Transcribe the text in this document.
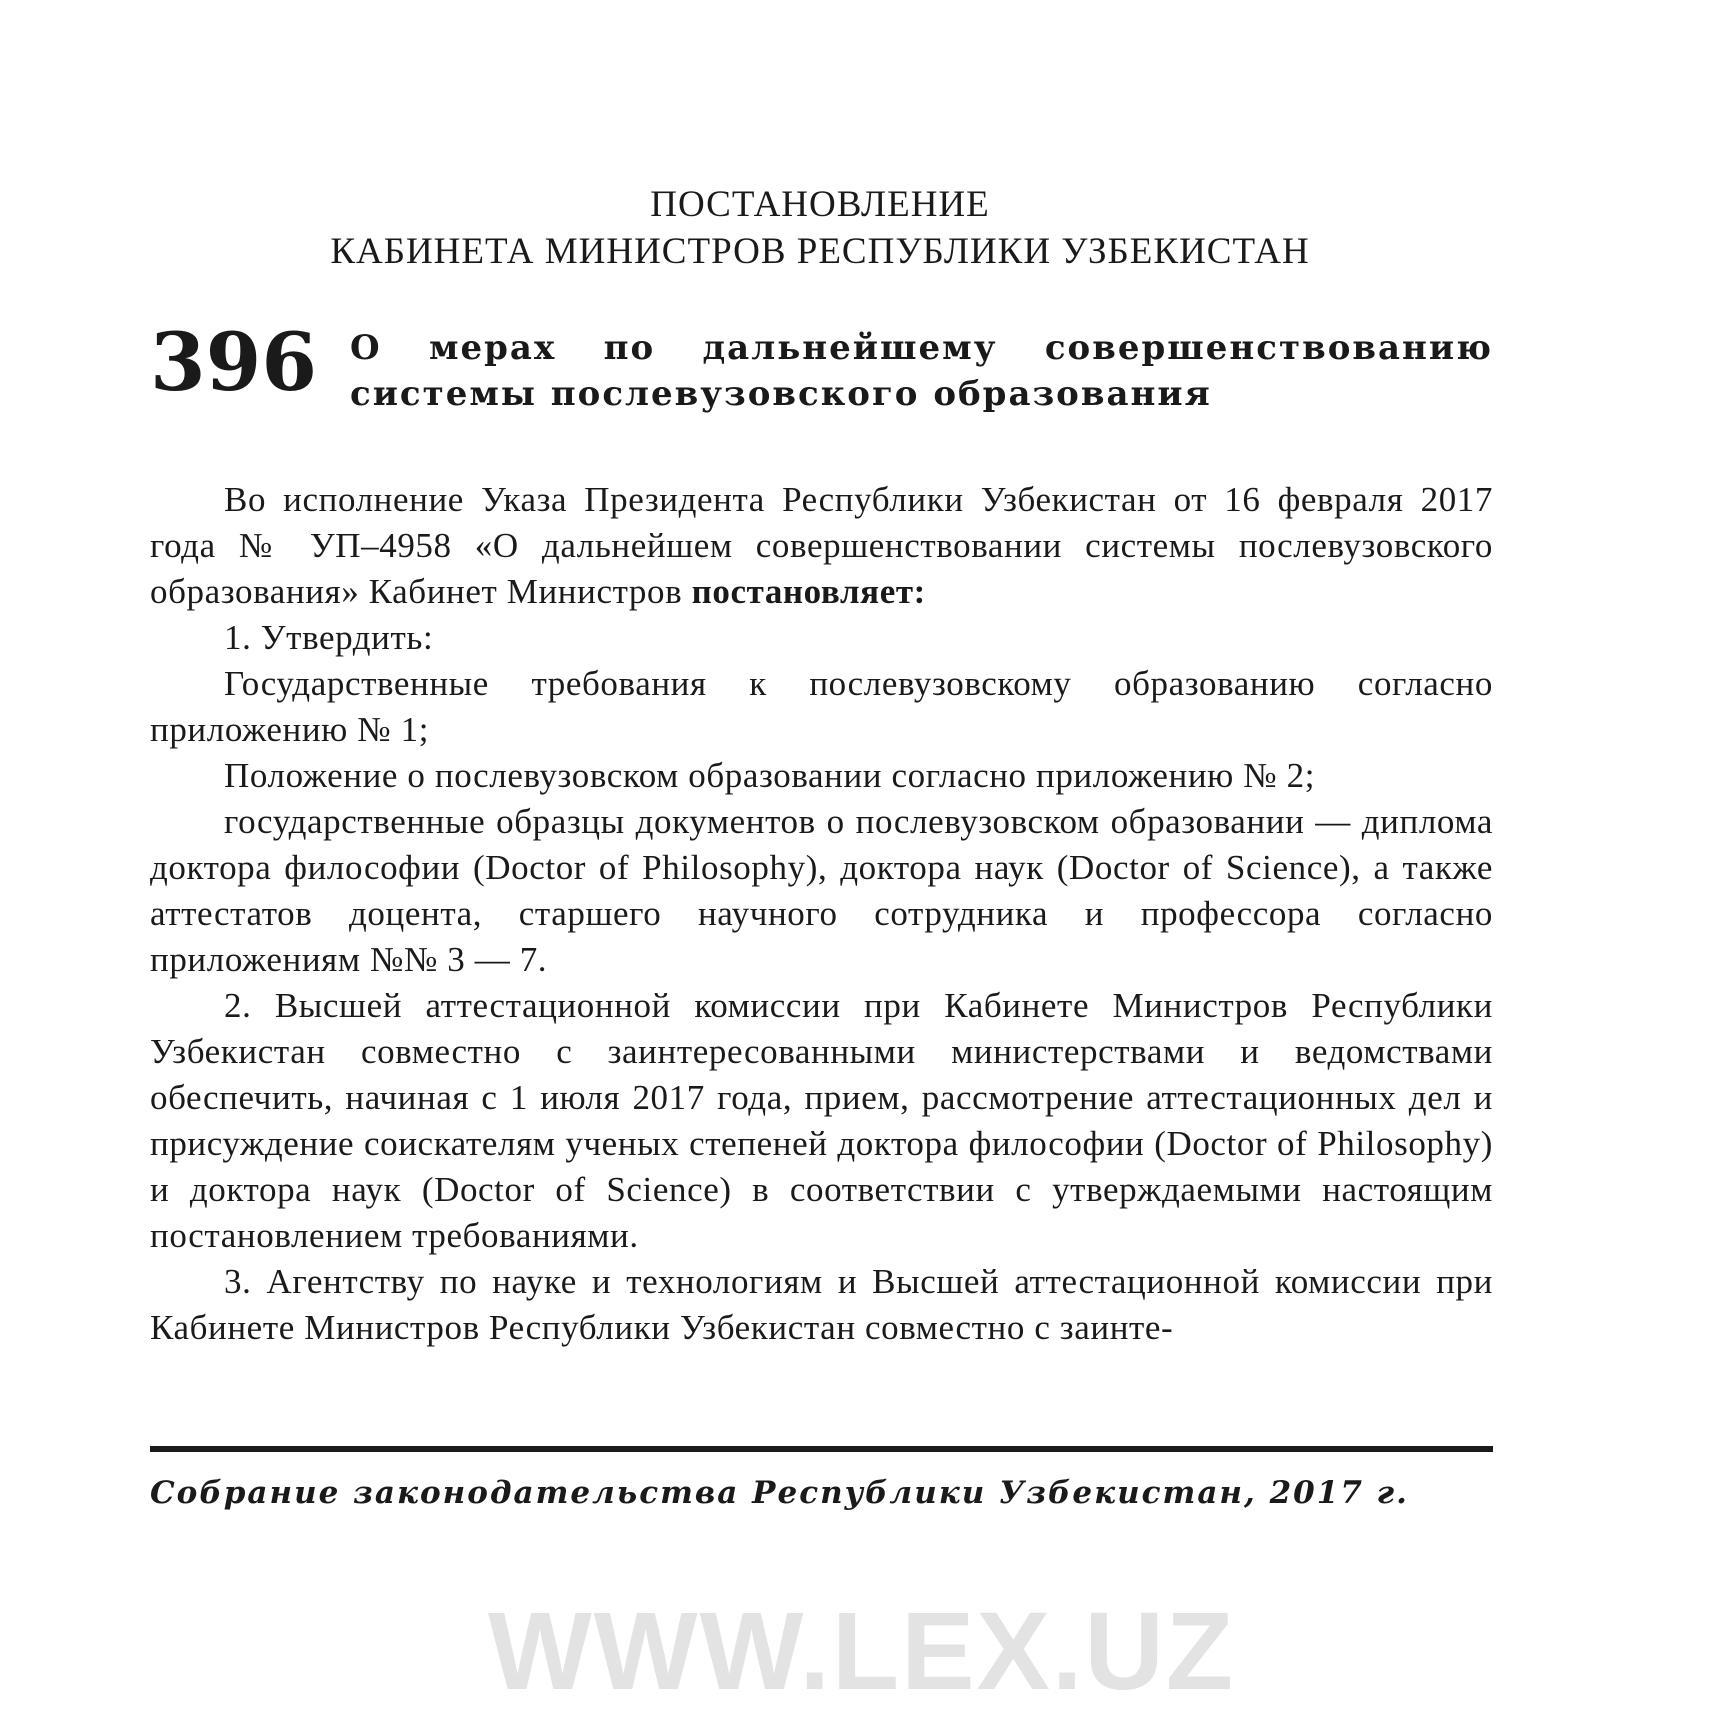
ПОСТАНОВЛЕНИЕ
КАБИНЕТА МИНИСТРОВ РЕСПУБЛИКИ УЗБЕКИСТАН
396 О мерах по дальнейшему совершенствованию системы послевузовского образования

Во исполнение Указа Президента Республики Узбекистан от 16 февраля 2017 года № УП–4958 «О дальнейшем совершенствовании системы послевузовского образования» Кабинет Министров постановляет:

1. Утвердить:

Государственные требования к послевузовскому образованию согласно приложению № 1;

Положение о послевузовском образовании согласно приложению № 2;

государственные образцы документов о послевузовском образовании — диплома доктора философии (Doctor of Philosophy), доктора наук (Doctor of Science), а также аттестатов доцента, старшего научного сотрудника и профессора согласно приложениям №№ 3 — 7.

2. Высшей аттестационной комиссии при Кабинете Министров Республики Узбекистан совместно с заинтересованными министерствами и ведомствами обеспечить, начиная с 1 июля 2017 года, прием, рассмотрение аттестационных дел и присуждение соискателям ученых степеней доктора философии (Doctor of Philosophy) и доктора наук (Doctor of Science) в соответствии с утверждаемыми настоящим постановлением требованиями.

3. Агентству по науке и технологиям и Высшей аттестационной комиссии при Кабинете Министров Республики Узбекистан совместно с заинте-

Собрание законодательства Республики Узбекистан, 2017 г.
WWW.LEX.UZ
